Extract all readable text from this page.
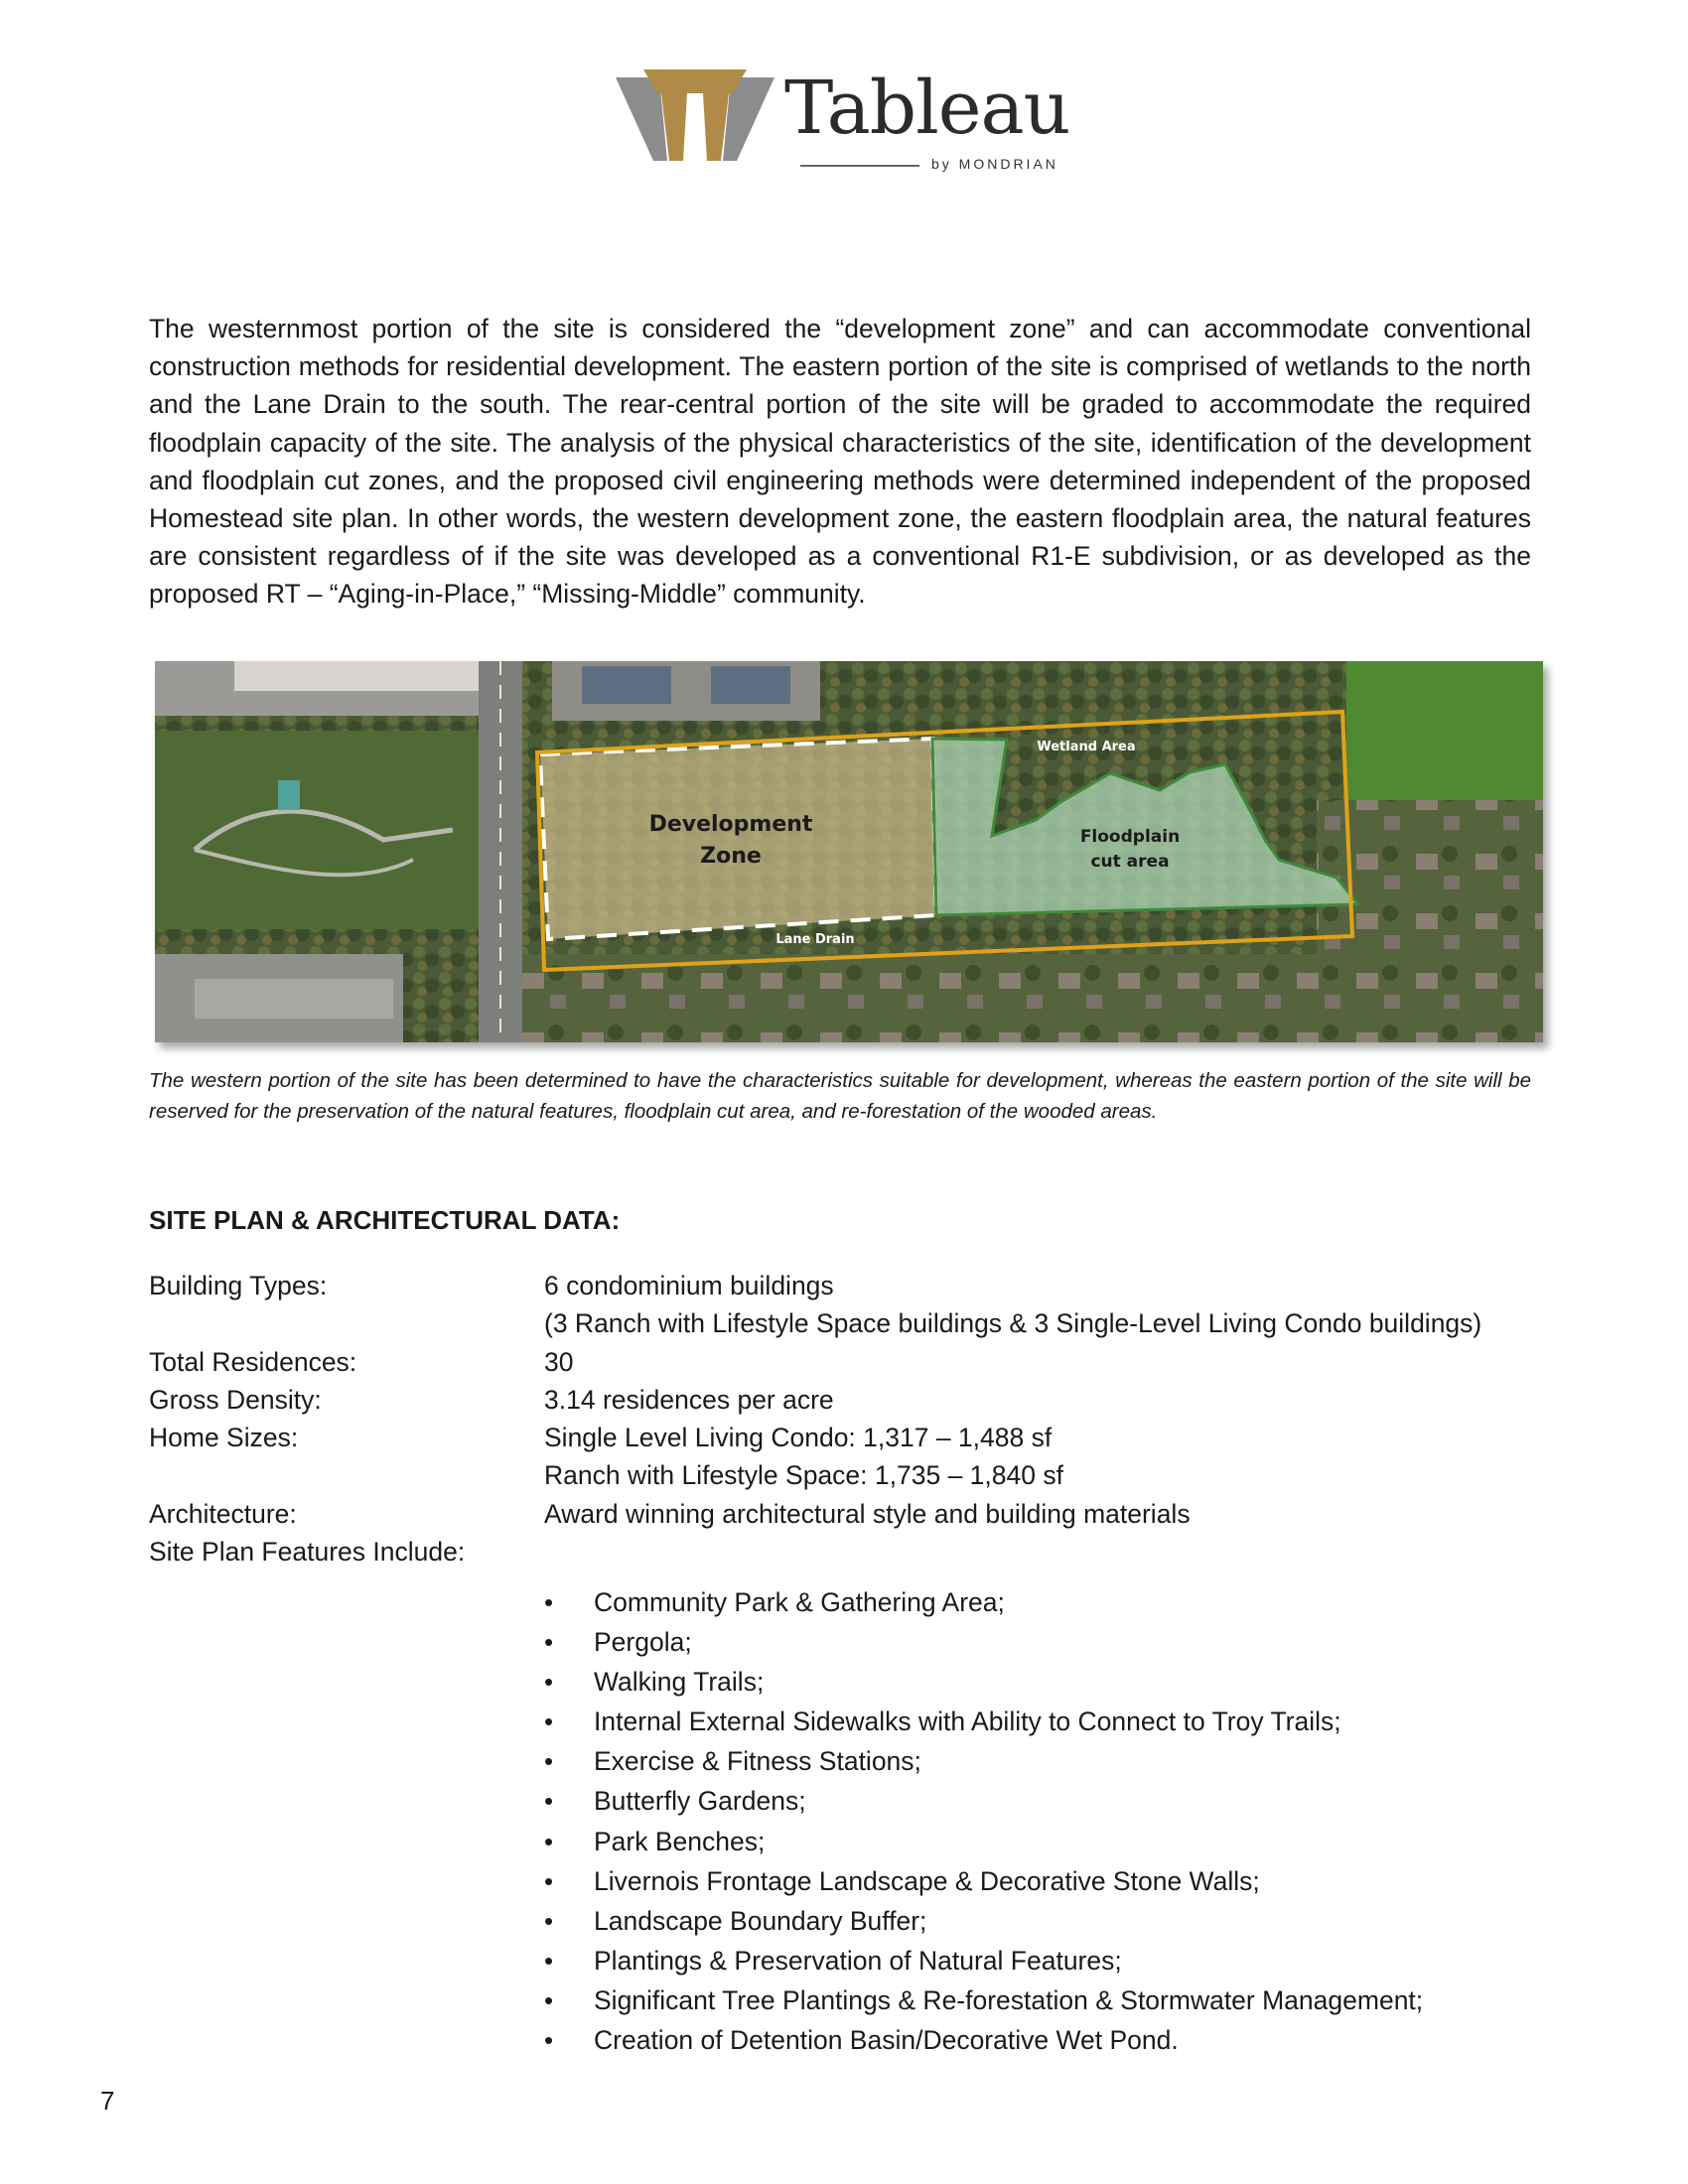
Tableau
by MONDRIAN

The westernmost portion of the site is considered the “development zone” and can accommodate conventional construction methods for residential development. The eastern portion of the site is comprised of wetlands to the north and the Lane Drain to the south. The rear-central portion of the site will be graded to accommodate the required floodplain capacity of the site. The analysis of the physical characteristics of the site, identification of the development and floodplain cut zones, and the proposed civil engineering methods were determined independent of the proposed Homestead site plan. In other words, the western development zone, the eastern floodplain area, the natural features are consistent regardless of if the site was developed as a conventional R1-E subdivision, or as developed as the proposed RT – “Aging-in-Place,” “Missing-Middle” community.

Development
Zone
Floodplain
cut area
Wetland Area
Lane Drain

The western portion of the site has been determined to have the characteristics suitable for development, whereas the eastern portion of the site will be reserved for the preservation of the natural features, floodplain cut area, and re-forestation of the wooded areas.

SITE PLAN & ARCHITECTURAL DATA:
Building Types:	6 condominium buildings
(3 Ranch with Lifestyle Space buildings & 3 Single-Level Living Condo buildings)
Total Residences:	30
Gross Density:	3.14 residences per acre
Home Sizes:	Single Level Living Condo: 1,317 – 1,488 sf
Ranch with Lifestyle Space: 1,735 – 1,840 sf
Architecture:	Award winning architectural style and building materials
Site Plan Features Include:
• Community Park & Gathering Area;
• Pergola;
• Walking Trails;
• Internal External Sidewalks with Ability to Connect to Troy Trails;
• Exercise & Fitness Stations;
• Butterfly Gardens;
• Park Benches;
• Livernois Frontage Landscape & Decorative Stone Walls;
• Landscape Boundary Buffer;
• Plantings & Preservation of Natural Features;
• Significant Tree Plantings & Re-forestation & Stormwater Management;
• Creation of Detention Basin/Decorative Wet Pond.
7
